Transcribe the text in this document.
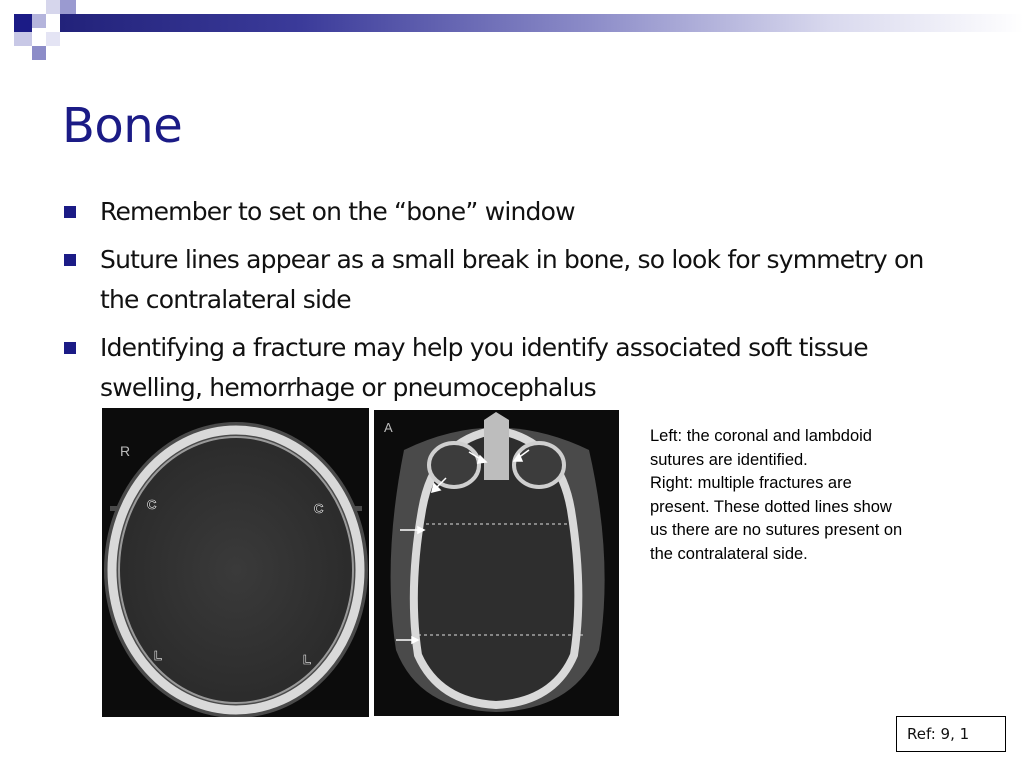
Bone
Remember to set on the “bone” window
Suture lines appear as a small break in bone, so look for symmetry on the contralateral side
Identifying a fracture may help you identify associated soft tissue swelling, hemorrhage or pneumocephalus
R
C	C
L	L
A	Left: the coronal and lambdoid sutures are identified.

Right: multiple fractures are present. These dotted lines show us there are no sutures present on the contralateral side.

Ref: 9, 1
